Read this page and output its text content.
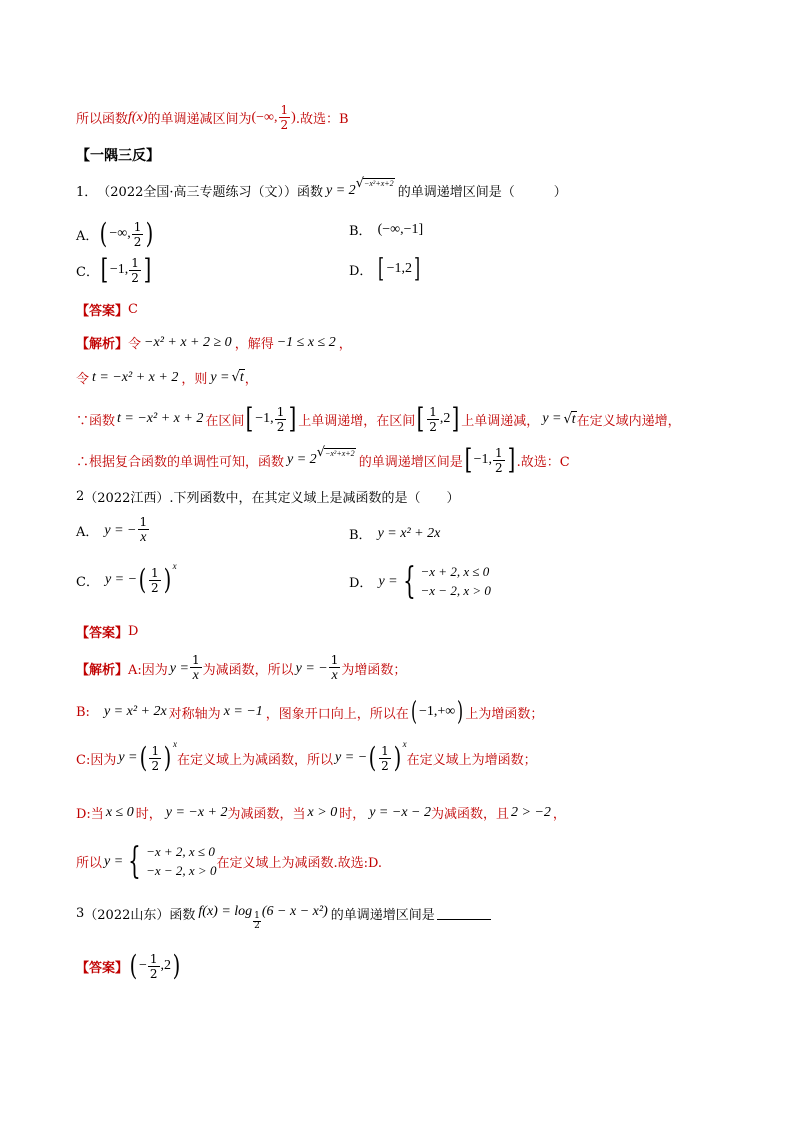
所以函数 f(x) 的单调递减区间为 (−∞, $\frac{1}{2}$ ) .故选：B
【一隅三反】
1． （2022全国·高三专题练习（文）） 函数 y = 2 √ −x²+x+2
的单调递增区间是（　　　）
A． ( −∞, $\frac{1}{2}$ )	B． (−∞,−1]
C． [ −1, $\frac{1}{2}$ ]	D． [ −1,2 ]
【答案】 C
【解析】 令 −x² + x + 2 ≥ 0 ，解得 −1 ≤ x ≤ 2 ，
令 t = −x² + x + 2 ，则 y = √ t ，
∵函数 t = −x² + x + 2 在区间 [ −1, $\frac{1}{2}$ ] 上单调递增，在区间 [ $\frac{1}{2} ,2$ ] 上单调递减， y = √ t 在定义域内递增，
∴根据复合函数的单调性可知，函数 y = 2 √ −x²+x+2
的单调递增区间是 [ −1, $\frac{1}{2}$ ] .故选：C
2 （2022江西） .下列函数中，在其定义域上是减函数的是（　　）
A． y = − $\frac{1}{x}$	B． y = x² + 2x
C． y = − ( $\frac{1}{2} )^x$
D． y = { −x + 2, x ≤ 0
−x − 2, x > 0
【答案】 D
【解析】 A:因为 $y = \frac{1}{x}$ 为减函数，所以 y = − $\frac{1}{x}$ 为增函数；
B: y = x² + 2x 对称轴为 x = −1 ，图象开口向上，所以在 ( −1,+∞ ) 上为增函数；
C:因为 y = ( $\frac{1}{2} )^x$
在定义域上为减函数，所以 y = − ( $\frac{1}{2} )^x$
在定义域上为增函数；
D:当 x ≤ 0 时， y = −x + 2 为减函数，当 x > 0 时， y = −x − 2 为减函数，且 2 > −2 ，
所以 y = { −x + 2, x ≤ 0
−x − 2, x > 0 在定义域上为减函数.故选:D.
3 （2022山东） 函数 f(x) = log
$\frac{1}{2}$
(6 − x − x²) 的单调递增区间是
【答案】 ( − $\frac{1}{2} ,2$ )
